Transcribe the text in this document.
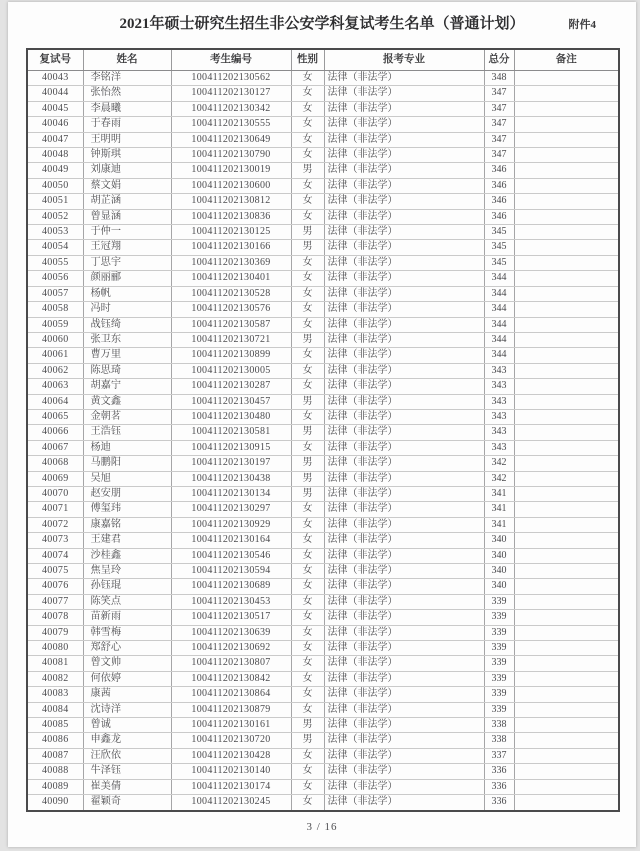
2021年硕士研究生招生非公安学科复试考生名单（普通计划）	附件4
复试号	姓名	考生编号	性别	报考专业	总分	备注
40043	李铭洋	100411202130562	女	法律（非法学）	348	
40044	张怡然	100411202130127	女	法律（非法学）	347	
40045	李晨曦	100411202130342	女	法律（非法学）	347	
40046	于春雨	100411202130555	女	法律（非法学）	347	
40047	王明明	100411202130649	女	法律（非法学）	347	
40048	钟斯琪	100411202130790	女	法律（非法学）	347	
40049	刘康迪	100411202130019	男	法律（非法学）	346	
40050	蔡文娟	100411202130600	女	法律（非法学）	346	
40051	胡芷涵	100411202130812	女	法律（非法学）	346	
40052	曾显涵	100411202130836	女	法律（非法学）	346	
40053	于仲一	100411202130125	男	法律（非法学）	345	
40054	王冠翔	100411202130166	男	法律（非法学）	345	
40055	丁思宇	100411202130369	女	法律（非法学）	345	
40056	颜丽郦	100411202130401	女	法律（非法学）	344	
40057	杨帆	100411202130528	女	法律（非法学）	344	
40058	冯时	100411202130576	女	法律（非法学）	344	
40059	战钰绮	100411202130587	女	法律（非法学）	344	
40060	张卫东	100411202130721	男	法律（非法学）	344	
40061	曹万里	100411202130899	女	法律（非法学）	344	
40062	陈思琦	100411202130005	女	法律（非法学）	343	
40063	胡嘉宁	100411202130287	女	法律（非法学）	343	
40064	黄文鑫	100411202130457	男	法律（非法学）	343	
40065	金朝茗	100411202130480	女	法律（非法学）	343	
40066	王浩钰	100411202130581	男	法律（非法学）	343	
40067	杨迪	100411202130915	女	法律（非法学）	343	
40068	马鹏阳	100411202130197	男	法律（非法学）	342	
40069	吴旭	100411202130438	男	法律（非法学）	342	
40070	赵安朋	100411202130134	男	法律（非法学）	341	
40071	傅玺玮	100411202130297	女	法律（非法学）	341	
40072	康嘉铭	100411202130929	女	法律（非法学）	341	
40073	王建君	100411202130164	女	法律（非法学）	340	
40074	沙桂鑫	100411202130546	女	法律（非法学）	340	
40075	焦呈玲	100411202130594	女	法律（非法学）	340	
40076	孙钰琨	100411202130689	女	法律（非法学）	340	
40077	陈笑点	100411202130453	女	法律（非法学）	339	
40078	苗新雨	100411202130517	女	法律（非法学）	339	
40079	韩雪梅	100411202130639	女	法律（非法学）	339	
40080	郑舒心	100411202130692	女	法律（非法学）	339	
40081	曾文帅	100411202130807	女	法律（非法学）	339	
40082	何依婷	100411202130842	女	法律（非法学）	339	
40083	康茜	100411202130864	女	法律（非法学）	339	
40084	沈诗洋	100411202130879	女	法律（非法学）	339	
40085	曾诚	100411202130161	男	法律（非法学）	338	
40086	申鑫龙	100411202130720	男	法律（非法学）	338	
40087	汪欣依	100411202130428	女	法律（非法学）	337	
40088	牛泽钰	100411202130140	女	法律（非法学）	336	
40089	崔美倩	100411202130174	女	法律（非法学）	336	
40090	翟颖奇	100411202130245	女	法律（非法学）	336	
3 / 16
